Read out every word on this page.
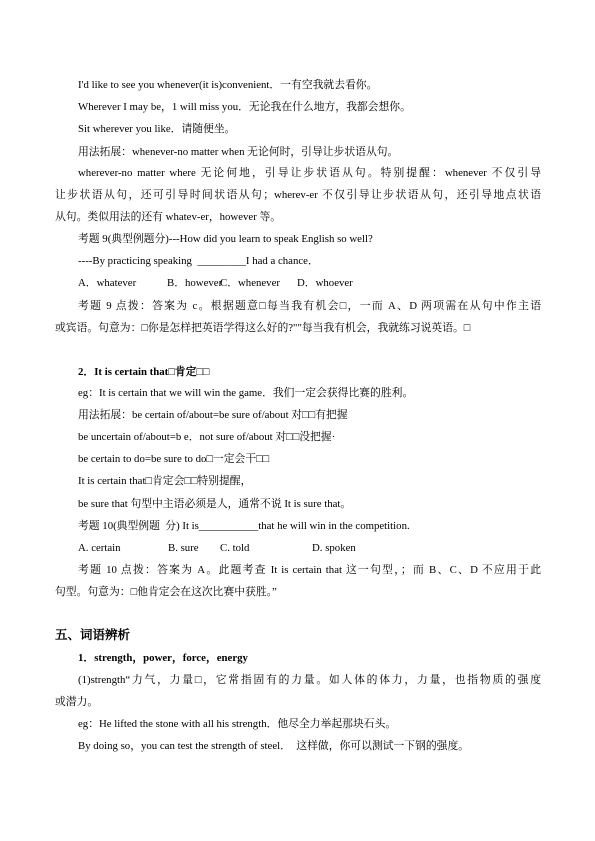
I'd like to see you whenever(it is)convenient．一有空我就去看你。
Wherever I may be，1 will miss you．无论我在什么地方，我都会想你。
Sit wherever you like．请随便坐。
用法拓展：whenever-no matter when 无论何时，引导让步状语从句。
wherever-no matter where 无论何地，引导让步状语从句。特别提醒：whenever 不仅引导
让步状语从句，还可引导时间状语从句；wherev-er 不仅引导让步状语从句，还引导地点状语
从句。类似用法的还有 whatev-er，however 等。
考题 9(典型例题分)---How did you learn to speak English so well?
----By practicing speaking  _________I had a chance．
A．whatever	B．however
C．whenever D．whoever
考题 9 点拨：答案为 c。根据题意□每当我有机会□，一而 A、D 两项需在从句中作主语
或宾语。句意为：□你是怎样把英语学得这么好的?""每当我有机会，我就练习说英语。□
2．It is certain that□肯定□□
eg：It is certain that we will win the game．我们一定会获得比赛的胜利。
用法拓展：be certain of/about=be sure of/about 对□□有把握
be uncertain of/about=b e．not sure of/about 对□□没把握·
be certain to do=be sure to do□一定会干□□
It is certain that□肯定会□□特别提醒，
be sure that 句型中主语必须是人，通常不说 It is sure that。
考题 10(典型例题  分) It is___________that he will win in the competition.
A. certain	B. sure C. told	D. spoken
考题 10 点拨：答案为 A。此题考查 It is certain that 这一句型，；而 B、C、D 不应用于此
句型。句意为：□他肯定会在这次比赛中获胜。”
五、词语辨析
1．strength，power，force，energy
(1)strength“力气，力量□，它常指固有的力量。如人体的体力，力量，也指物质的强度
或潜力。
eg：He lifted the stone with all his strength．他尽全力举起那块石头。
By doing so，you can test the strength of steel．  这样做，你可以测试一下钢的强度。
